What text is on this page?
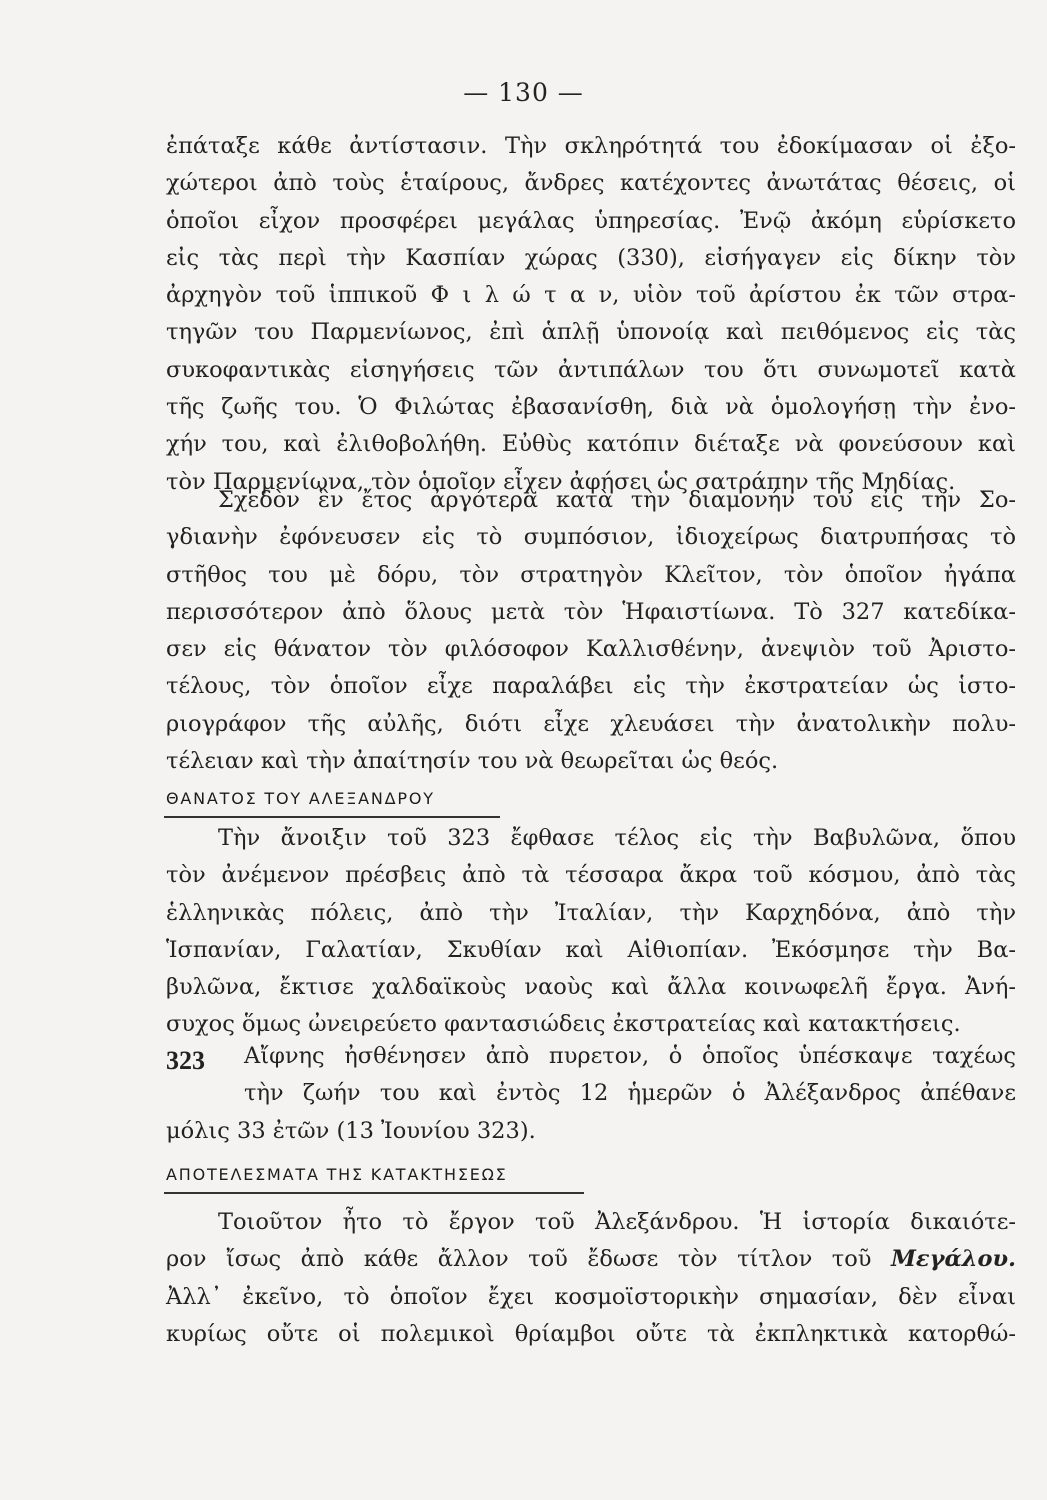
— 130 —
ἐπάταξε κάθε ἀντίστασιν. Τὴν σκληρότητά του ἐδοκίμασαν οἱ ἐξο-
χώτεροι ἀπὸ τοὺς ἑταίρους, ἄνδρες κατέχοντες ἀνωτάτας θέσεις, οἱ
ὁποῖοι εἶχον προσφέρει μεγάλας ὑπηρεσίας. Ἐνῷ ἀκόμη εὑρίσκετο
εἰς τὰς περὶ τὴν Κασπίαν χώρας (330), εἰσήγαγεν εἰς δίκην τὸν
ἀρχηγὸν τοῦ ἱππικοῦ Φ ι λ ώ τ α ν, υἱὸν τοῦ ἀρίστου ἐκ τῶν στρα-
τηγῶν του Παρμενίωνος, ἐπὶ ἁπλῇ ὑπονοίᾳ καὶ πειθόμενος εἰς τὰς
συκοφαντικὰς εἰσηγήσεις τῶν ἀντιπάλων του ὅτι συνωμοτεῖ κατὰ
τῆς ζωῆς του. Ὁ Φιλώτας ἐβασανίσθη, διὰ νὰ ὁμολογήσῃ τὴν ἐνο-
χήν του, καὶ ἐλιθοβολήθη. Εὐθὺς κατόπιν διέταξε νὰ φονεύσουν καὶ
τὸν Παρμενίωνα, τὸν ὁποῖον εἶχεν ἀφήσει ὡς σατράπην τῆς Μηδίας.
Σχεδὸν ἓν ἔτος ἀργότερα κατὰ τὴν διαμονήν του εἰς τὴν Σο-
γδιανὴν ἐφόνευσεν εἰς τὸ συμπόσιον, ἰδιοχείρως διατρυπήσας τὸ
στῆθος του μὲ δόρυ, τὸν στρατηγὸν Κλεῖτον, τὸν ὁποῖον ἠγάπα
περισσότερον ἀπὸ ὅλους μετὰ τὸν Ἡφαιστίωνα. Τὸ 327 κατεδίκα-
σεν εἰς θάνατον τὸν φιλόσοφον Καλλισθένην, ἀνεψιὸν τοῦ Ἀριστο-
τέλους, τὸν ὁποῖον εἶχε παραλάβει εἰς τὴν ἐκστρατείαν ὡς ἱστο-
ριογράφον τῆς αὐλῆς, διότι εἶχε χλευάσει τὴν ἀνατολικὴν πολυ-
τέλειαν καὶ τὴν ἀπαίτησίν του νὰ θεωρεῖται ὡς θεός.
ΘΑΝΑΤΟΣ ΤΟΥ ΑΛΕΞΑΝΔΡΟΥ
Τὴν ἄνοιξιν τοῦ 323 ἔφθασε τέλος εἰς τὴν Βαβυλῶνα, ὅπου
τὸν ἀνέμενον πρέσβεις ἀπὸ τὰ τέσσαρα ἄκρα τοῦ κόσμου, ἀπὸ τὰς
ἑλληνικὰς πόλεις, ἀπὸ τὴν Ἰταλίαν, τὴν Καρχηδόνα, ἀπὸ τὴν
Ἱσπανίαν, Γαλατίαν, Σκυθίαν καὶ Αἰθιοπίαν. Ἐκόσμησε τὴν Βα-
βυλῶνα, ἔκτισε χαλδαϊκοὺς ναοὺς καὶ ἄλλα κοινωφελῆ ἔργα. Ἀνή-
συχος ὅμως ὠνειρεύετο φαντασιώδεις ἐκστρατείας καὶ κατακτήσεις.
323	Αἴφνης ἠσθένησεν ἀπὸ πυρετον, ὁ ὁποῖος ὑπέσκαψε ταχέως
τὴν ζωήν του καὶ ἐντὸς 12 ἡμερῶν ὁ Ἀλέξανδρος ἀπέθανε
μόλις 33 ἐτῶν (13 Ἰουνίου 323).
ΑΠΟΤΕΛΕΣΜΑΤΑ ΤΗΣ ΚΑΤΑΚΤΗΣΕΩΣ
Τοιοῦτον ἦτο τὸ ἔργον τοῦ Ἀλεξάνδρου. Ἡ ἱστορία δικαιότε-
ρον ἴσως ἀπὸ κάθε ἄλλον τοῦ ἔδωσε τὸν τίτλον τοῦ Μεγάλου.
Ἀλλ᾽ ἐκεῖνο, τὸ ὁποῖον ἔχει κοσμοϊστορικὴν σημασίαν, δὲν εἶναι
κυρίως οὔτε οἱ πολεμικοὶ θρίαμβοι οὔτε τὰ ἐκπληκτικὰ κατορθώ-
